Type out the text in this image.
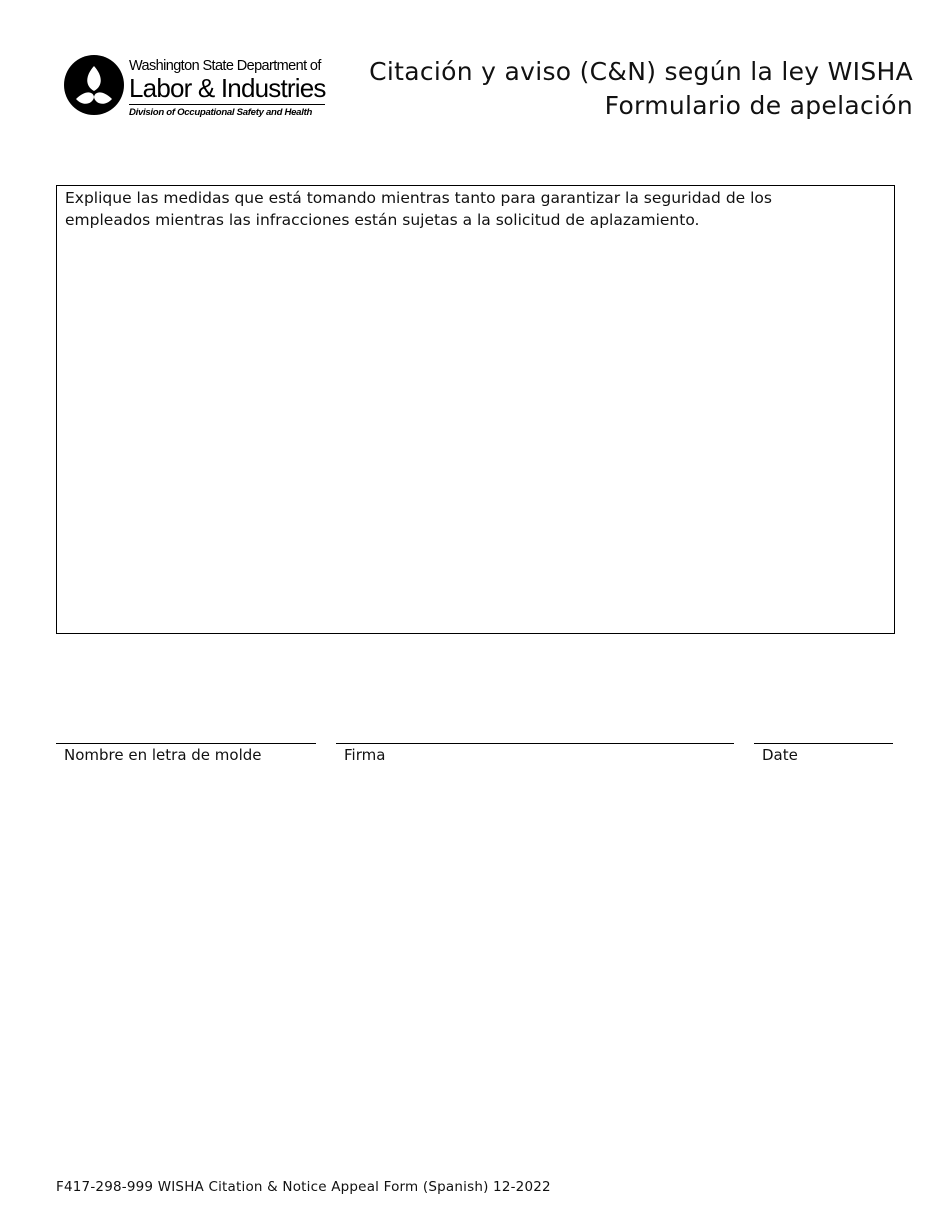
Washington State Department of
Labor & Industries
Division of Occupational Safety and Health
Citación y aviso (C&N) según la ley WISHA
Formulario de apelación
Explique las medidas que está tomando mientras tanto para garantizar la seguridad de los
empleados mientras las infracciones están sujetas a la solicitud de aplazamiento.
Nombre en letra de molde	Firma	Date
F417-298-999 WISHA Citation & Notice Appeal Form (Spanish) 12-2022
